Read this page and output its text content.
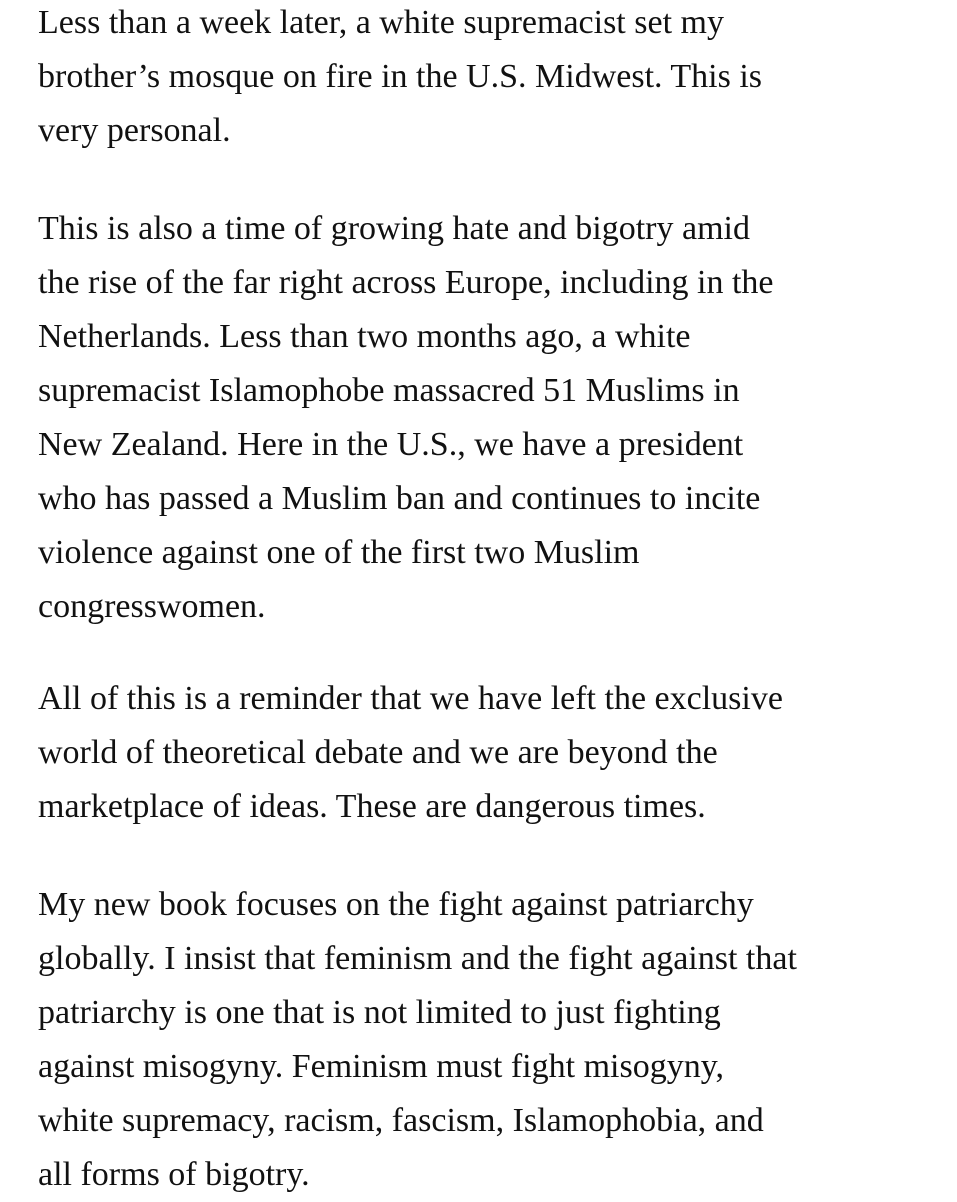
Less than a week later, a white supremacist set my
brother’s mosque on fire in the U.S. Midwest. This is
very personal.

This is also a time of growing hate and bigotry amid
the rise of the far right across Europe, including in the
Netherlands. Less than two months ago, a white
supremacist Islamophobe massacred 51 Muslims in
New Zealand. Here in the U.S., we have a president
who has passed a Muslim ban and continues to incite
violence against one of the first two Muslim
congresswomen.

All of this is a reminder that we have left the exclusive
world of theoretical debate and we are beyond the
marketplace of ideas. These are dangerous times.

My new book focuses on the fight against patriarchy
globally. I insist that feminism and the fight against that
patriarchy is one that is not limited to just fighting
against misogyny. Feminism must fight misogyny,
white supremacy, racism, fascism, Islamophobia, and
all forms of bigotry.
